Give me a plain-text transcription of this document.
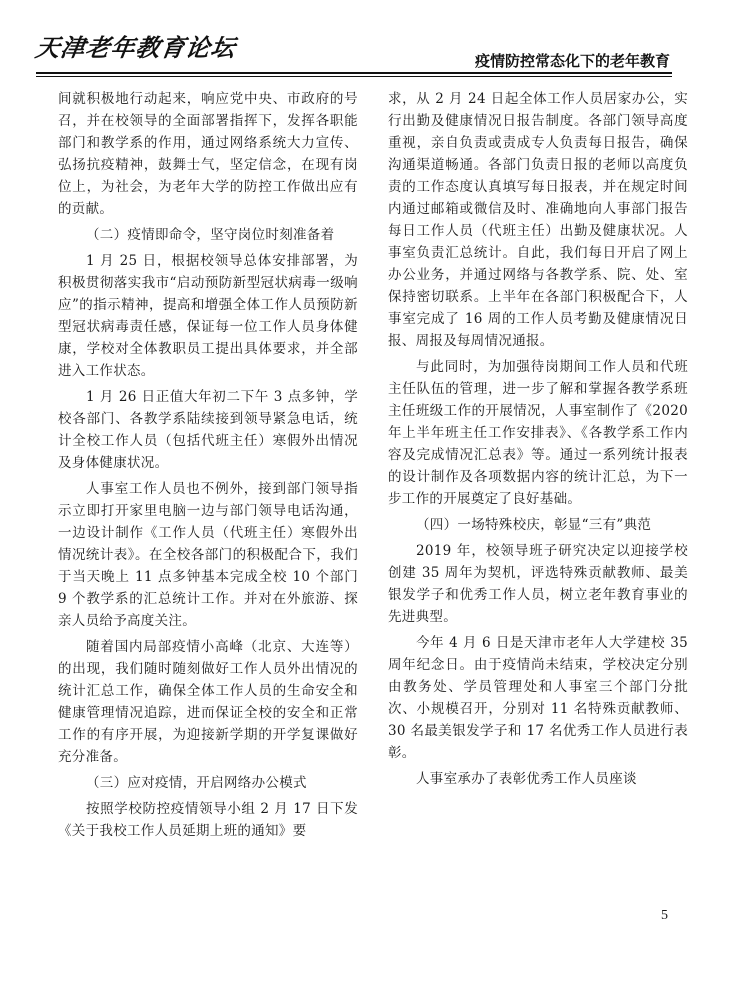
天津老年教育论坛	疫情防控常态化下的老年教育

间就积极地行动起来，响应党中央、市政府的号召，并在校领导的全面部署指挥下，发挥各职能部门和教学系的作用，通过网络系统大力宣传、弘扬抗疫精神，鼓舞士气，坚定信念，在现有岗位上，为社会，为老年大学的防控工作做出应有的贡献。

（二）疫情即命令，坚守岗位时刻准备着

1 月 25 日，根据校领导总体安排部署，为积极贯彻落实我市“启动预防新型冠状病毒一级响应”的指示精神，提高和增强全体工作人员预防新型冠状病毒责任感，保证每一位工作人员身体健康，学校对全体教职员工提出具体要求，并全部进入工作状态。

1 月 26 日正值大年初二下午 3 点多钟，学校各部门、各教学系陆续接到领导紧急电话，统计全校工作人员（包括代班主任）寒假外出情况及身体健康状况。

人事室工作人员也不例外，接到部门领导指示立即打开家里电脑一边与部门领导电话沟通，一边设计制作《工作人员（代班主任）寒假外出情况统计表》。在全校各部门的积极配合下，我们于当天晚上 11 点多钟基本完成全校 10 个部门 9 个教学系的汇总统计工作。并对在外旅游、探亲人员给予高度关注。

随着国内局部疫情小高峰（北京、大连等）的出现，我们随时随刻做好工作人员外出情况的统计汇总工作，确保全体工作人员的生命安全和健康管理情况追踪，进而保证全校的安全和正常工作的有序开展，为迎接新学期的开学复课做好充分准备。

（三）应对疫情，开启网络办公模式

按照学校防控疫情领导小组 2 月 17 日下发《关于我校工作人员延期上班的通知》要

求，从 2 月 24 日起全体工作人员居家办公，实行出勤及健康情况日报告制度。各部门领导高度重视，亲自负责或责成专人负责每日报告，确保沟通渠道畅通。各部门负责日报的老师以高度负责的工作态度认真填写每日报表，并在规定时间内通过邮箱或微信及时、准确地向人事部门报告每日工作人员（代班主任）出勤及健康状况。人事室负责汇总统计。自此，我们每日开启了网上办公业务，并通过网络与各教学系、院、处、室保持密切联系。上半年在各部门积极配合下，人事室完成了 16 周的工作人员考勤及健康情况日报、周报及每周情况通报。

与此同时，为加强待岗期间工作人员和代班主任队伍的管理，进一步了解和掌握各教学系班主任班级工作的开展情况，人事室制作了《2020 年上半年班主任工作安排表》、《各教学系工作内容及完成情况汇总表》等。通过一系列统计报表的设计制作及各项数据内容的统计汇总，为下一步工作的开展奠定了良好基础。

（四）一场特殊校庆，彰显“三有”典范

2019 年，校领导班子研究决定以迎接学校创建 35 周年为契机，评选特殊贡献教师、最美银发学子和优秀工作人员，树立老年教育事业的先进典型。

今年 4 月 6 日是天津市老年人大学建校 35 周年纪念日。由于疫情尚未结束，学校决定分别由教务处、学员管理处和人事室三个部门分批次、小规模召开，分别对 11 名特殊贡献教师、30 名最美银发学子和 17 名优秀工作人员进行表彰。

人事室承办了表彰优秀工作人员座谈

5
